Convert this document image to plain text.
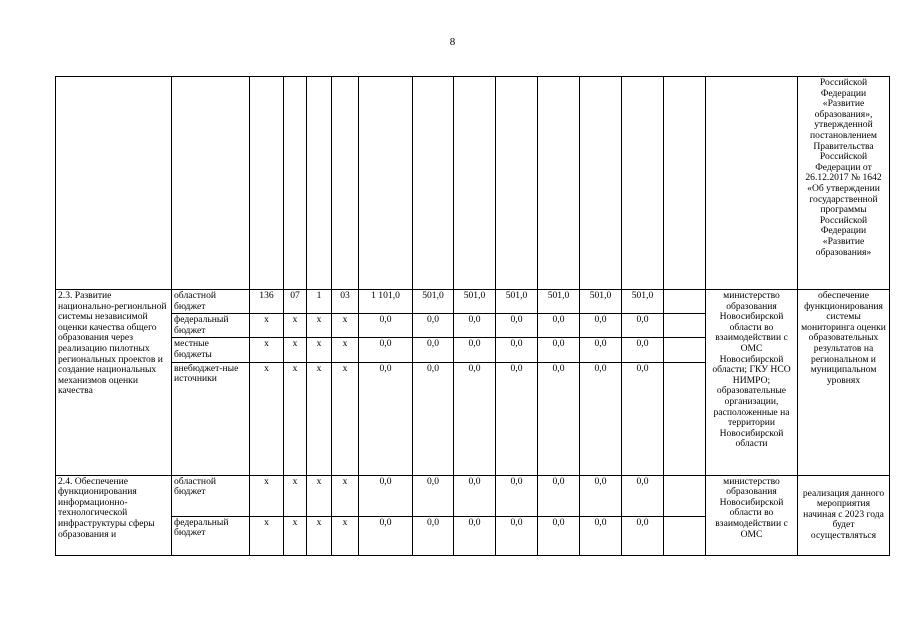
8
															Российской Федерации «Развитие образования», утвержденной постановлением Правительства Российской Федерации от 26.12.2017 № 1642 «Об утверждении государственной программы Российской Федерации «Развитие образования»
2.3. Развитие национально-регионльной системы независимой оценки качества общего образования через реализацию пилотных региональных проектов и создание национальных механизмов оценки качества	областной бюджет	136	07	1	03	1 101,0	501,0	501,0	501,0	501,0	501,0	501,0		министерство образования Новосибирской области во взаимодействии с ОМС Новосибирской области; ГКУ НСО НИМРО; образовательные организации, расположенные на территории Новосибирской области	обеспечение функционирования системы мониторинга оценки образовательных результатов на региональном и муниципальном уровнях
	федеральный бюджет	x	x	x	x	0,0	0,0	0,0	0,0	0,0	0,0	0,0			
	местные бюджеты	x	x	x	x	0,0	0,0	0,0	0,0	0,0	0,0	0,0			
	внебюджет-ные источники	x	x	x	x	0,0	0,0	0,0	0,0	0,0	0,0	0,0			
2.4. Обеспечение функционирования информационно-технологической инфраструктуры сферы образования и	областной бюджет	x	x	x	x	0,0	0,0	0,0	0,0	0,0	0,0	0,0		министерство образования Новосибирской области во взаимодействии с ОМС	реализация данного мероприятия начиная с 2023 года будет осуществляться
	федеральный бюджет	x	x	x	x	0,0	0,0	0,0	0,0	0,0	0,0	0,0			
